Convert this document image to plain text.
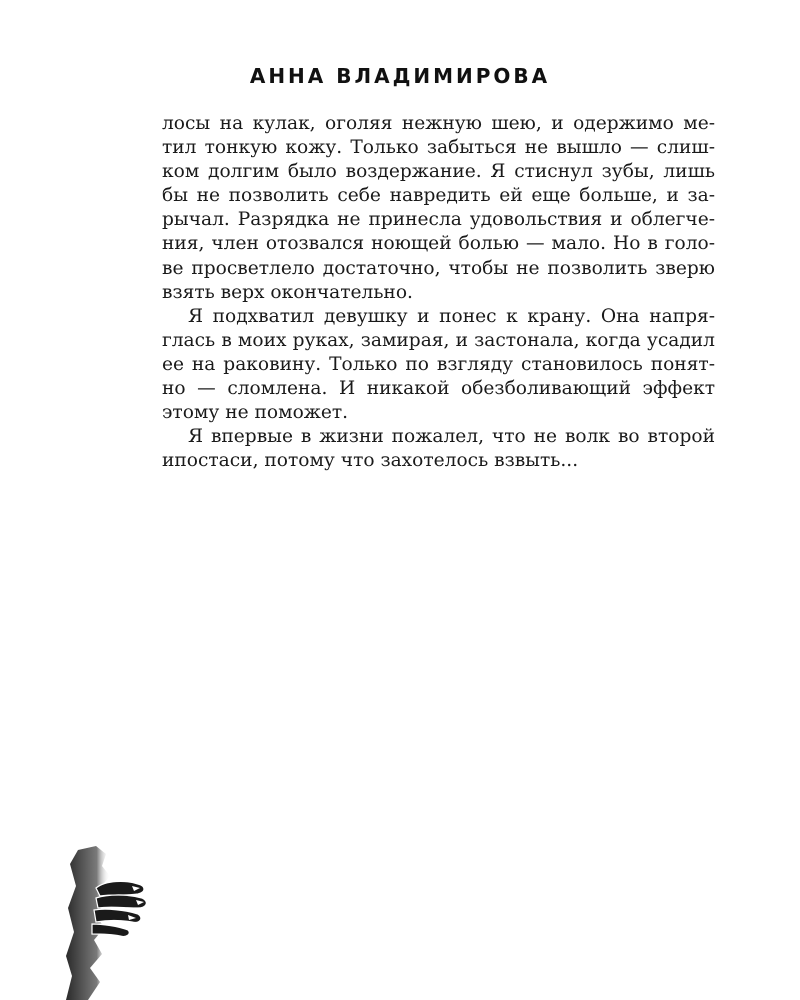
АННА ВЛАДИМИРОВА
лосы на кулак, оголяя нежную шею, и одержимо ме-
тил тонкую кожу. Только забыться не вышло — слиш-
ком долгим было воздержание. Я стиснул зубы, лишь
бы не позволить себе навредить ей еще больше, и за-
рычал. Разрядка не принесла удовольствия и облегче-
ния, член отозвался ноющей болью — мало. Но в голо-
ве просветлело достаточно, чтобы не позволить зверю
взять верх окончательно.
Я подхватил девушку и понес к крану. Она напря-
глась в моих руках, замирая, и застонала, когда усадил
ее на раковину. Только по взгляду становилось понят-
но — сломлена. И никакой обезболивающий эффект
этому не поможет.
Я впервые в жизни пожалел, что не волк во второй
ипостаси, потому что захотелось взвыть...
